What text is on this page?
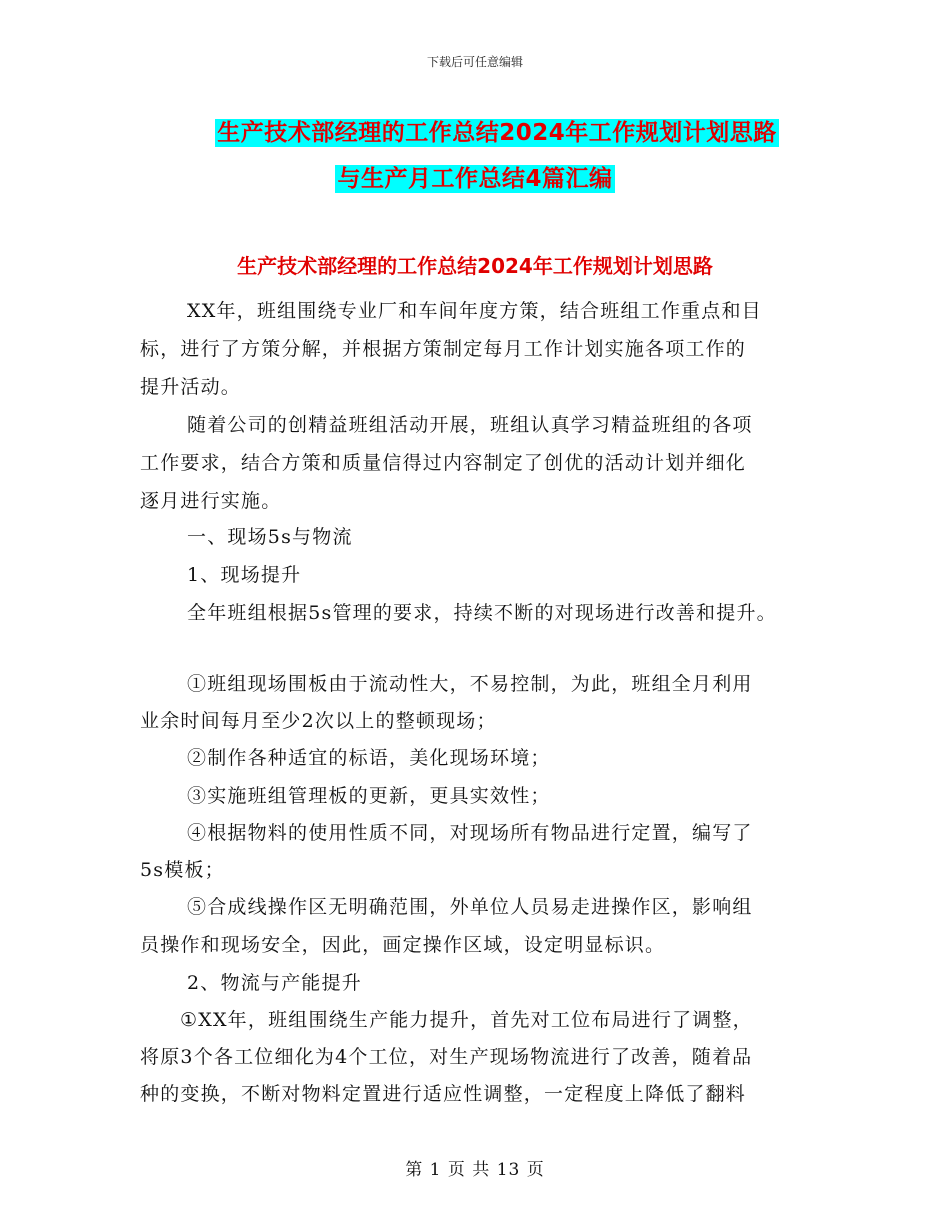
下载后可任意编辑
生产技术部经理的工作总结2024年工作规划计划思路
与生产月工作总结4篇汇编
生产技术部经理的工作总结2024年工作规划计划思路
XX年，班组围绕专业厂和车间年度方策，结合班组工作重点和目
标，进行了方策分解，并根据方策制定每月工作计划实施各项工作的
提升活动。
随着公司的创精益班组活动开展，班组认真学习精益班组的各项
工作要求，结合方策和质量信得过内容制定了创优的活动计划并细化
逐月进行实施。
一、现场5s与物流
1、现场提升
全年班组根据5s管理的要求，持续不断的对现场进行改善和提升。
①班组现场围板由于流动性大，不易控制，为此，班组全月利用
业余时间每月至少2次以上的整顿现场；
②制作各种适宜的标语，美化现场环境；
③实施班组管理板的更新，更具实效性；
④根据物料的使用性质不同，对现场所有物品进行定置，编写了
5s模板；
⑤合成线操作区无明确范围，外单位人员易走进操作区，影响组
员操作和现场安全，因此，画定操作区域，设定明显标识。
2、物流与产能提升
①XX年，班组围绕生产能力提升，首先对工位布局进行了调整，
将原3个各工位细化为4个工位，对生产现场物流进行了改善，随着品
种的变换，不断对物料定置进行适应性调整，一定程度上降低了翻料
第 1 页 共 13 页
